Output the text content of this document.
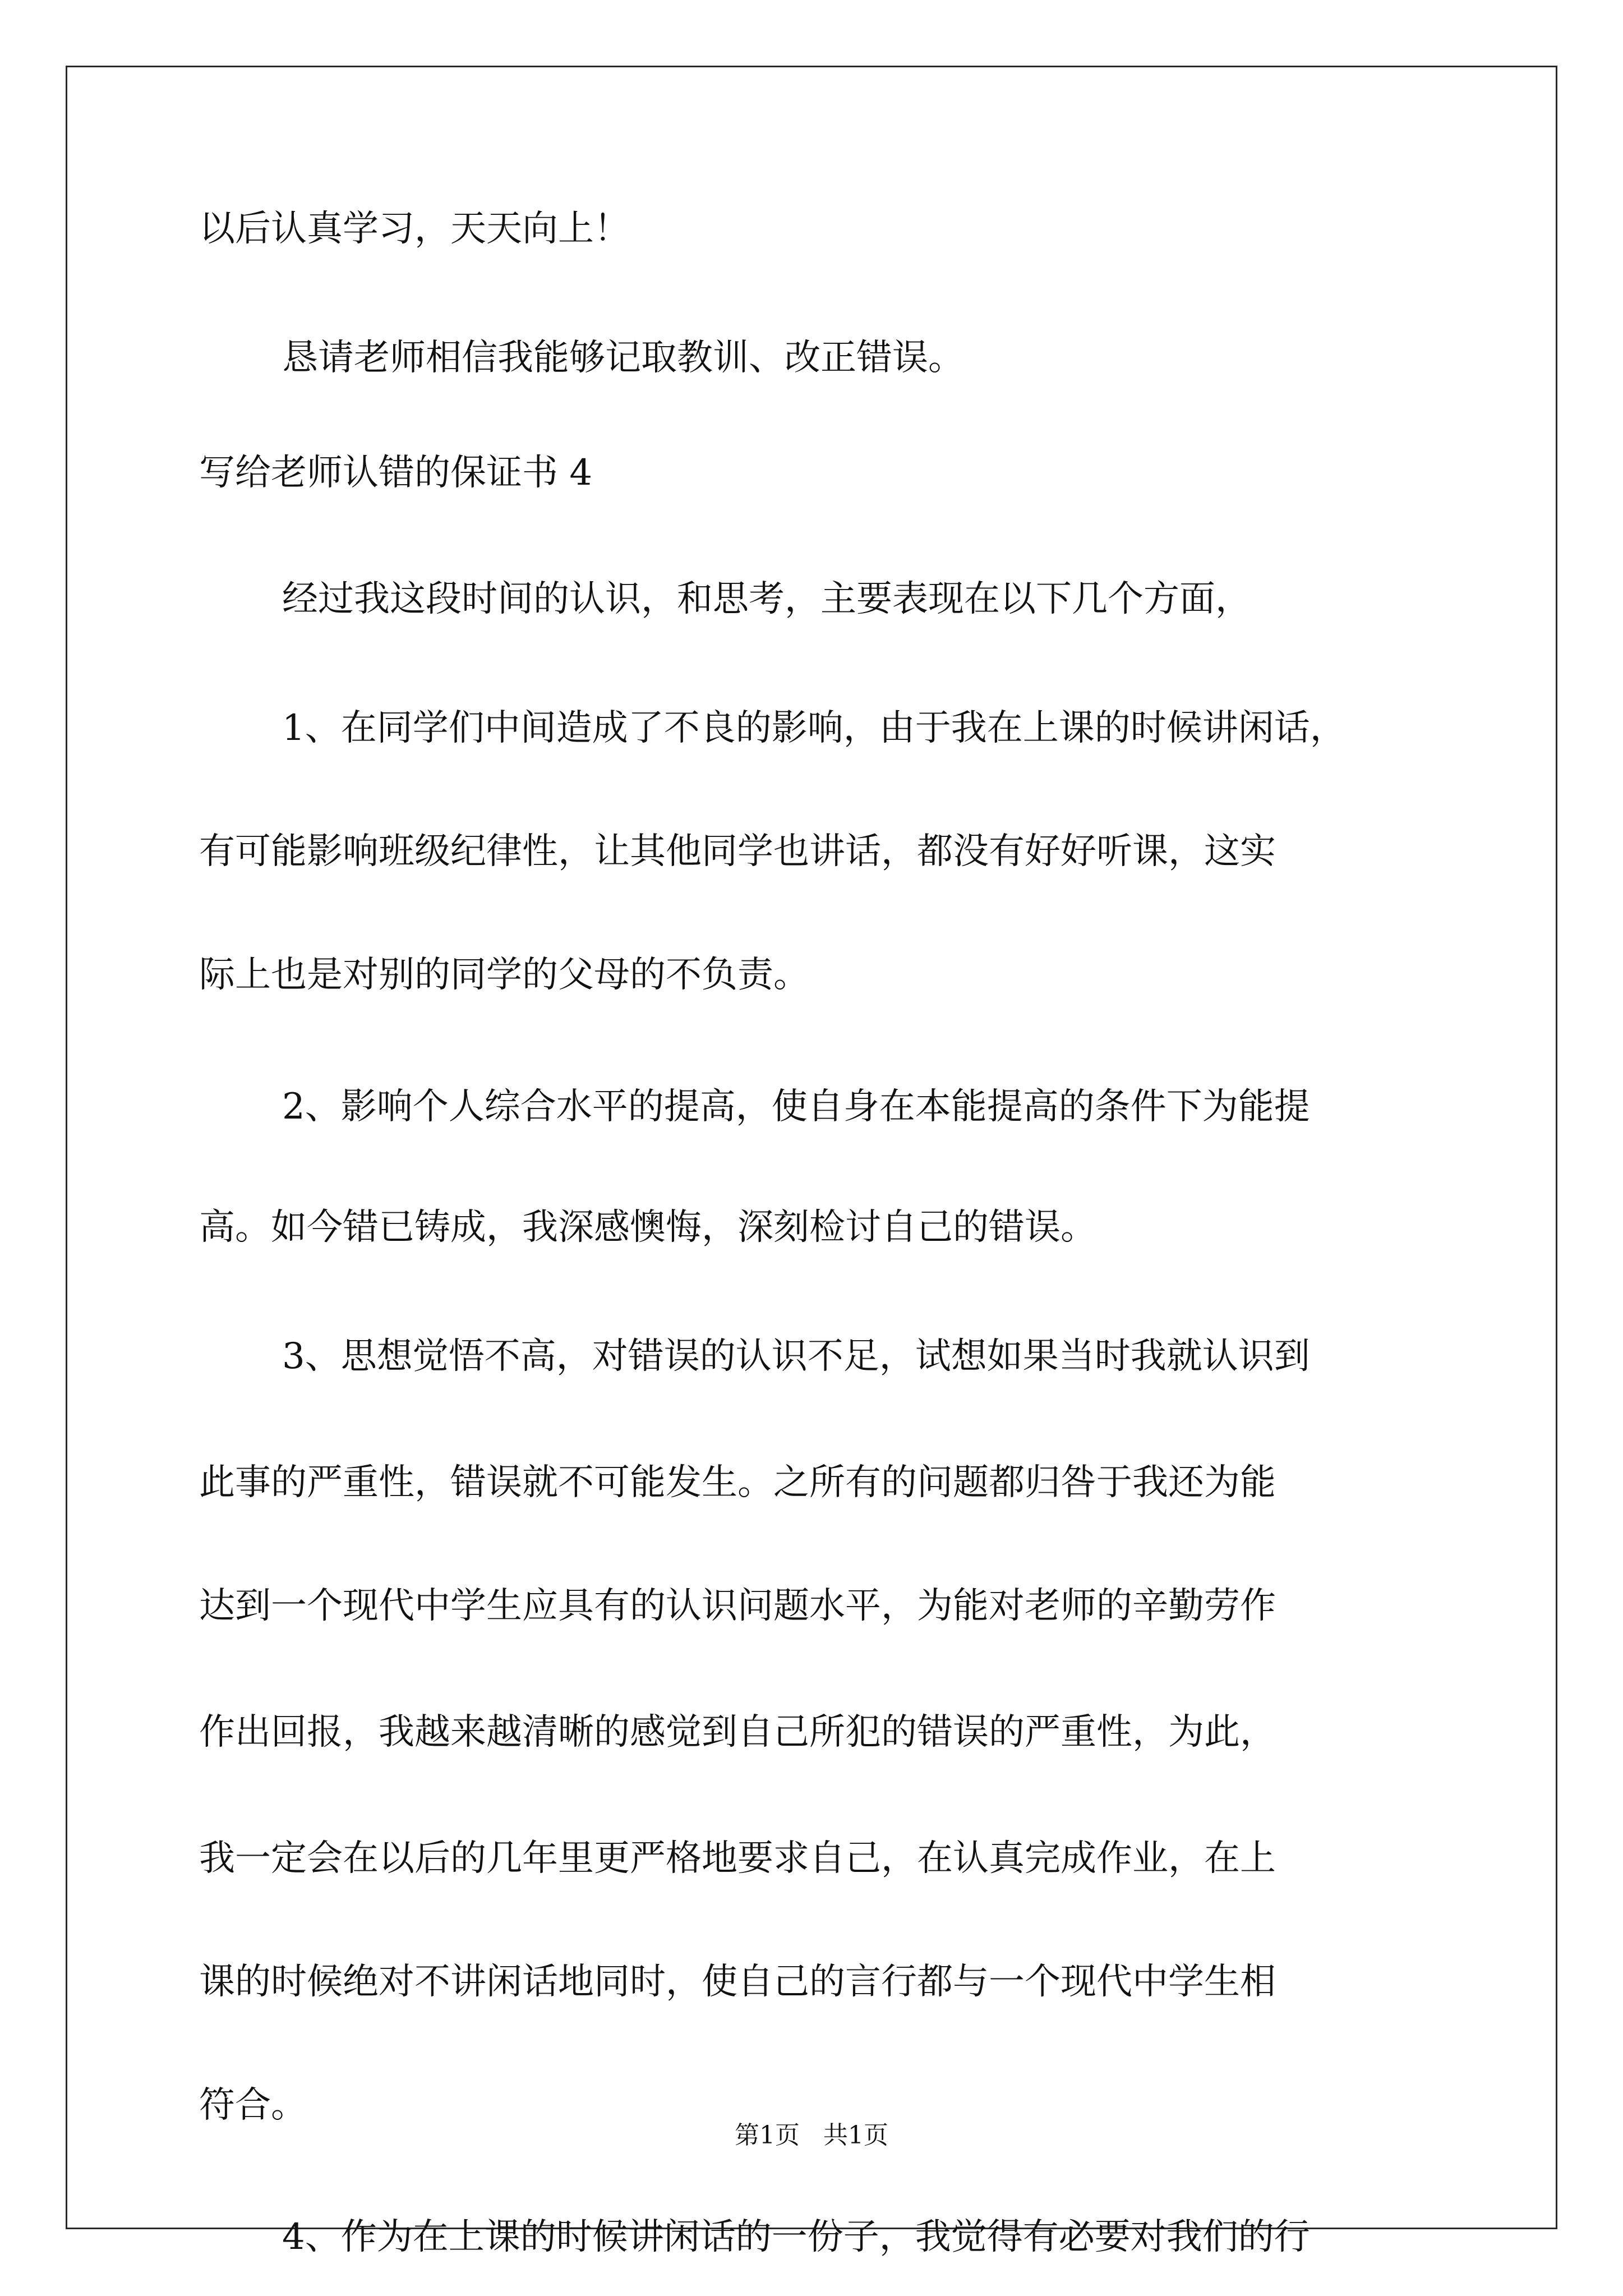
以后认真学习，天天向上！
恳请老师相信我能够记取教训、改正错误。
写给老师认错的保证书 4
经过我这段时间的认识，和思考，主要表现在以下几个方面，
1、在同学们中间造成了不良的影响，由于我在上课的时候讲闲话，
有可能影响班级纪律性，让其他同学也讲话，都没有好好听课，这实
际上也是对别的同学的父母的不负责。
2、影响个人综合水平的提高，使自身在本能提高的条件下为能提
高。如今错已铸成，我深感懊悔，深刻检讨自己的错误。
3、思想觉悟不高，对错误的认识不足，试想如果当时我就认识到
此事的严重性，错误就不可能发生。之所有的问题都归咎于我还为能
达到一个现代中学生应具有的认识问题水平，为能对老师的辛勤劳作
作出回报，我越来越清晰的感觉到自己所犯的错误的严重性，为此，
我一定会在以后的几年里更严格地要求自己，在认真完成作业，在上
课的时候绝对不讲闲话地同时，使自己的言行都与一个现代中学生相
符合。
4、作为在上课的时候讲闲话的一份子，我觉得有必要对我们的行
第1页   共1页
